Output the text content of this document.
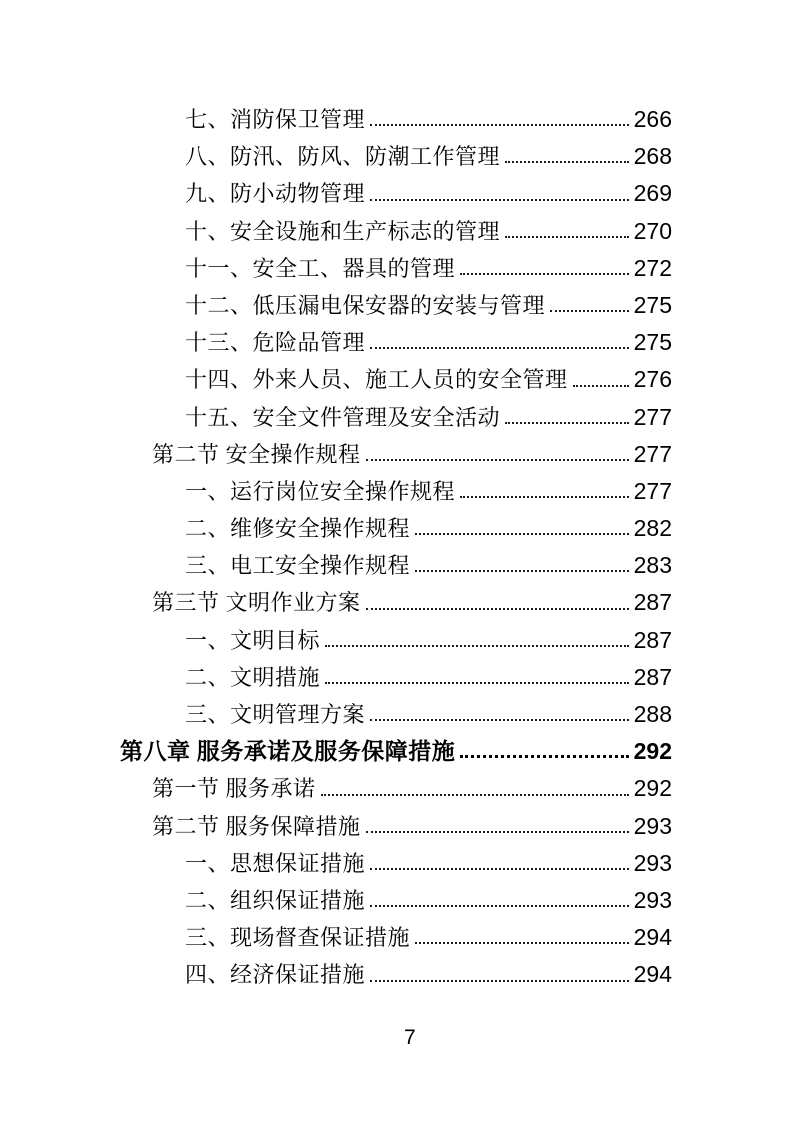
七、消防保卫管理	266
八、防汛、防风、防潮工作管理	268
九、防小动物管理	269
十、安全设施和生产标志的管理	270
十一、安全工、器具的管理	272
十二、低压漏电保安器的安装与管理	275
十三、危险品管理	275
十四、外来人员、施工人员的安全管理	276
十五、安全文件管理及安全活动	277
第二节 安全操作规程	277
一、运行岗位安全操作规程	277
二、维修安全操作规程	282
三、电工安全操作规程	283
第三节 文明作业方案	287
一、文明目标	287
二、文明措施	287
三、文明管理方案	288
第八章 服务承诺及服务保障措施	292
第一节 服务承诺	292
第二节 服务保障措施	293
一、思想保证措施	293
二、组织保证措施	293
三、现场督查保证措施	294
四、经济保证措施	294
7
